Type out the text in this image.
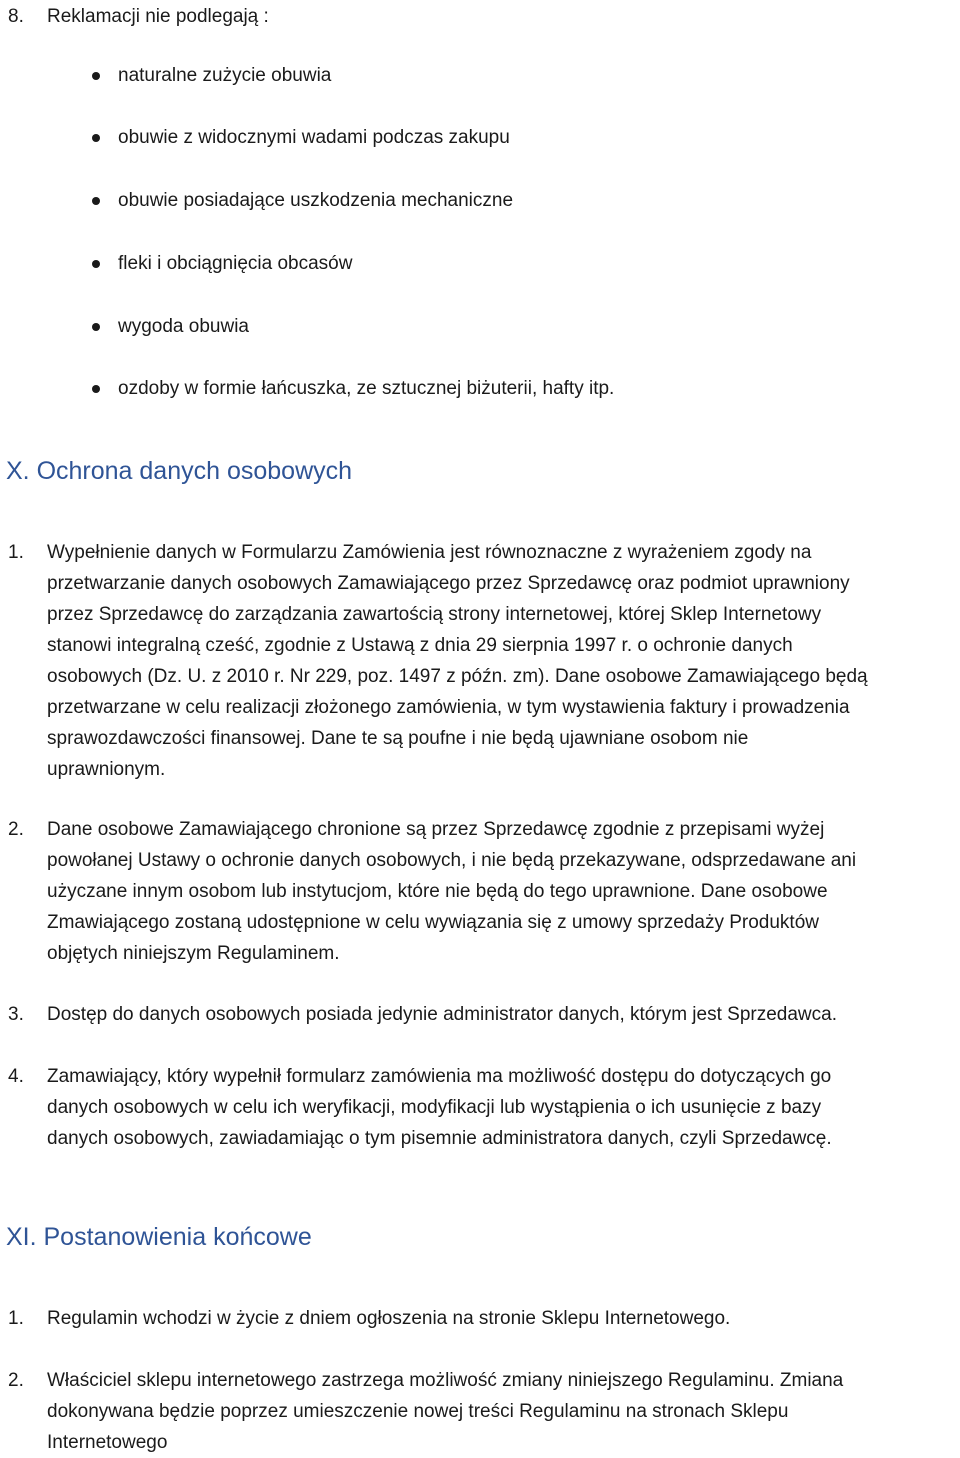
8. Reklamacji nie podlegają :
naturalne zużycie obuwia
obuwie z widocznymi wadami podczas zakupu
obuwie posiadające uszkodzenia mechaniczne
fleki i obciągnięcia obcasów
wygoda obuwia
ozdoby w formie łańcuszka, ze sztucznej biżuterii, hafty itp.
X. Ochrona danych osobowych
1. Wypełnienie danych w Formularzu Zamówienia jest równoznaczne z wyrażeniem zgody na
przetwarzanie danych osobowych Zamawiającego przez Sprzedawcę oraz podmiot uprawniony
przez Sprzedawcę do zarządzania zawartością strony internetowej, której Sklep Internetowy
stanowi integralną cześć, zgodnie z Ustawą z dnia 29 sierpnia 1997 r. o ochronie danych
osobowych (Dz. U. z 2010 r. Nr 229, poz. 1497 z późn. zm). Dane osobowe Zamawiającego będą
przetwarzane w celu realizacji złożonego zamówienia, w tym wystawienia faktury i prowadzenia
sprawozdawczości finansowej. Dane te są poufne i nie będą ujawniane osobom nie
uprawnionym.
2. Dane osobowe Zamawiającego chronione są przez Sprzedawcę zgodnie z przepisami wyżej
powołanej Ustawy o ochronie danych osobowych, i nie będą przekazywane, odsprzedawane ani
użyczane innym osobom lub instytucjom, które nie będą do tego uprawnione. Dane osobowe
Zmawiającego zostaną udostępnione w celu wywiązania się z umowy sprzedaży Produktów
objętych niniejszym Regulaminem.
3. Dostęp do danych osobowych posiada jedynie administrator danych, którym jest Sprzedawca.
4. Zamawiający, który wypełnił formularz zamówienia ma możliwość dostępu do dotyczących go
danych osobowych w celu ich weryfikacji, modyfikacji lub wystąpienia o ich usunięcie z bazy
danych osobowych, zawiadamiając o tym pisemnie administratora danych, czyli Sprzedawcę.
XI. Postanowienia końcowe
1. Regulamin wchodzi w życie z dniem ogłoszenia na stronie Sklepu Internetowego.
2. Właściciel sklepu internetowego zastrzega możliwość zmiany niniejszego Regulaminu. Zmiana
dokonywana będzie poprzez umieszczenie nowej treści Regulaminu na stronach Sklepu
Internetowego
